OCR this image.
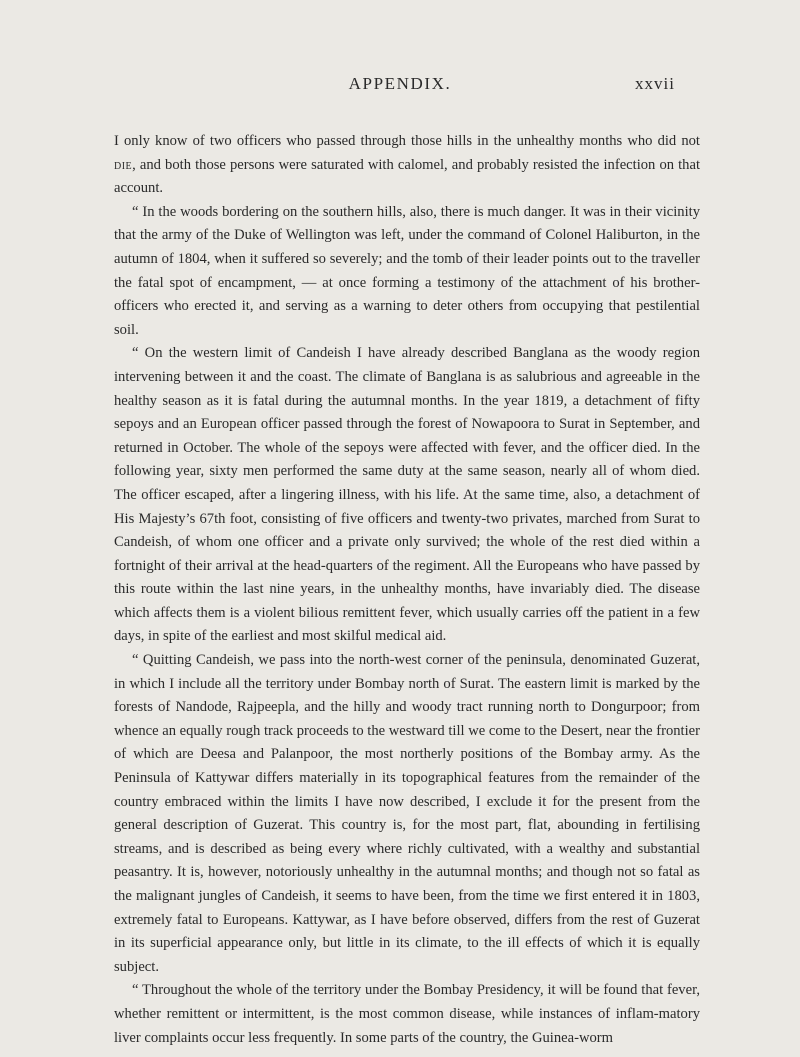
APPENDIX.	xxvii

I only know of two officers who passed through those hills in the unhealthy months who did not die, and both those persons were saturated with calomel, and probably resisted the infection on that account.

“ In the woods bordering on the southern hills, also, there is much danger. It was in their vicinity that the army of the Duke of Wellington was left, under the command of Colonel Haliburton, in the autumn of 1804, when it suffered so severely; and the tomb of their leader points out to the traveller the fatal spot of encampment, — at once forming a testimony of the attachment of his brother-officers who erected it, and serving as a warning to deter others from occupying that pestilential soil.

“ On the western limit of Candeish I have already described Banglana as the woody region intervening between it and the coast. The climate of Banglana is as salubrious and agreeable in the healthy season as it is fatal during the autumnal months. In the year 1819, a detachment of fifty sepoys and an European officer passed through the forest of Nowapoora to Surat in September, and returned in October. The whole of the sepoys were affected with fever, and the officer died. In the following year, sixty men performed the same duty at the same season, nearly all of whom died. The officer escaped, after a lingering illness, with his life. At the same time, also, a detachment of His Majesty’s 67th foot, consisting of five officers and twenty-two privates, marched from Surat to Candeish, of whom one officer and a private only survived; the whole of the rest died within a fortnight of their arrival at the head-quarters of the regiment. All the Europeans who have passed by this route within the last nine years, in the unhealthy months, have invariably died. The disease which affects them is a violent bilious remittent fever, which usually carries off the patient in a few days, in spite of the earliest and most skilful medical aid.

“ Quitting Candeish, we pass into the north-west corner of the peninsula, denominated Guzerat, in which I include all the territory under Bombay north of Surat. The eastern limit is marked by the forests of Nandode, Rajpeepla, and the hilly and woody tract running north to Dongurpoor; from whence an equally rough track proceeds to the westward till we come to the Desert, near the frontier of which are Deesa and Palanpoor, the most northerly positions of the Bombay army. As the Peninsula of Kattywar differs materially in its topographical features from the remainder of the country embraced within the limits I have now described, I exclude it for the present from the general description of Guzerat. This country is, for the most part, flat, abounding in fertilising streams, and is described as being every where richly cultivated, with a wealthy and substantial peasantry. It is, however, notoriously unhealthy in the autumnal months; and though not so fatal as the malignant jungles of Candeish, it seems to have been, from the time we first entered it in 1803, extremely fatal to Europeans. Kattywar, as I have before observed, differs from the rest of Guzerat in its superficial appearance only, but little in its climate, to the ill effects of which it is equally subject.

“ Throughout the whole of the territory under the Bombay Presidency, it will be found that fever, whether remittent or intermittent, is the most common disease, while instances of inflam-matory liver complaints occur less frequently. In some parts of the country, the Guinea-worm
